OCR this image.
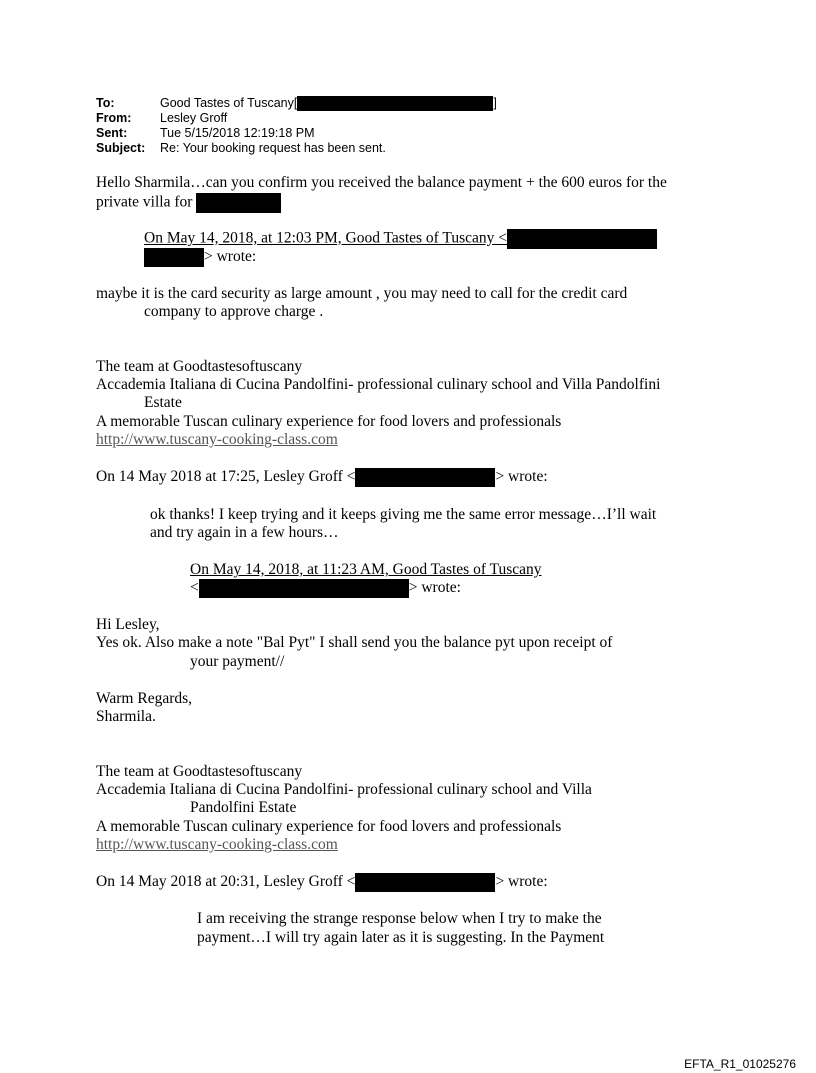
To:	Good Tastes of Tuscany[	]
From: Lesley Groff
Sent:	Tue 5/15/2018 12:19:18 PM
Subject: Re: Your booking request has been sent.
Hello Sharmila…can you confirm you received the balance payment + the 600 euros for the
private villa for
On May 14, 2018, at 12:03 PM, Good Tastes of Tuscany <
> wrote:
maybe it is the card security as large amount , you may need to call for the credit card
company to approve charge .
The team at Goodtastesoftuscany
Accademia Italiana di Cucina Pandolfini- professional culinary school and Villa Pandolfini
Estate
A memorable Tuscan culinary experience for food lovers and professionals
http://www.tuscany-cooking-class.com
On 14 May 2018 at 17:25, Lesley Groff <	> wrote:
ok thanks! I keep trying and it keeps giving me the same error message…I’ll wait
and try again in a few hours…
On May 14, 2018, at 11:23 AM, Good Tastes of Tuscany
<	> wrote:
Hi Lesley,
Yes ok. Also make a note "Bal Pyt" I shall send you the balance pyt upon receipt of
your payment//
Warm Regards,
Sharmila.
The team at Goodtastesoftuscany
Accademia Italiana di Cucina Pandolfini- professional culinary school and Villa
Pandolfini Estate
A memorable Tuscan culinary experience for food lovers and professionals
http://www.tuscany-cooking-class.com
On 14 May 2018 at 20:31, Lesley Groff <	> wrote:
I am receiving the strange response below when I try to make the
payment…I will try again later as it is suggesting. In the Payment
EFTA_R1_01025276
